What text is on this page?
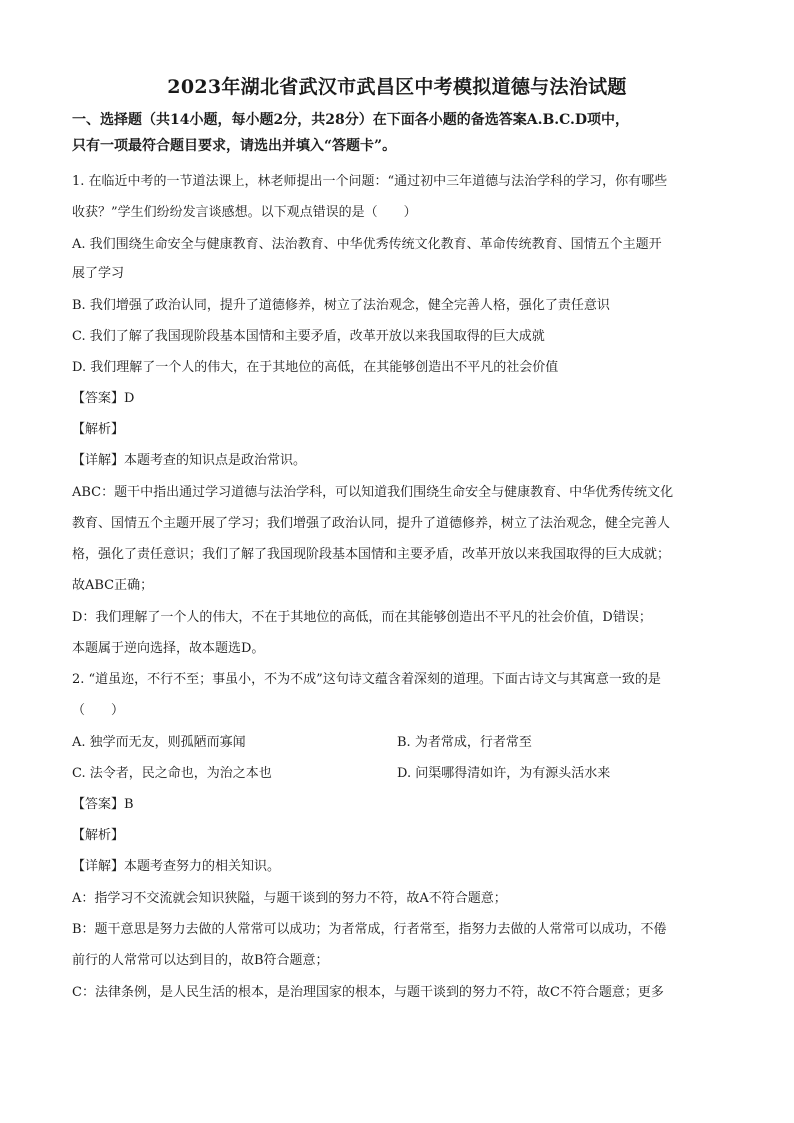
2023年湖北省武汉市武昌区中考模拟道德与法治试题
一、选择题（共14小题，每小题2分，共28分）在下面各小题的备选答案A.B.C.D项中，
只有一项最符合题目要求，请选出并填入“答题卡”。
1. 在临近中考的一节道法课上，林老师提出一个问题：“通过初中三年道德与法治学科的学习，你有哪些
收获？”学生们纷纷发言谈感想。以下观点错误的是（　　）
A. 我们围绕生命安全与健康教育、法治教育、中华优秀传统文化教育、革命传统教育、国情五个主题开
展了学习
B. 我们增强了政治认同，提升了道德修养，树立了法治观念，健全完善人格，强化了责任意识
C. 我们了解了我国现阶段基本国情和主要矛盾，改革开放以来我国取得的巨大成就
D. 我们理解了一个人的伟大，在于其地位的高低，在其能够创造出不平凡的社会价值
【答案】D
【解析】
【详解】本题考查的知识点是政治常识。
ABC：题干中指出通过学习道德与法治学科，可以知道我们围绕生命安全与健康教育、中华优秀传统文化
教育、国情五个主题开展了学习；我们增强了政治认同，提升了道德修养，树立了法治观念，健全完善人
格，强化了责任意识；我们了解了我国现阶段基本国情和主要矛盾，改革开放以来我国取得的巨大成就；
故ABC正确；
D：我们理解了一个人的伟大，不在于其地位的高低，而在其能够创造出不平凡的社会价值，D错误；
本题属于逆向选择，故本题选D。
2. “道虽迩，不行不至；事虽小，不为不成”这句诗文蕴含着深刻的道理。下面古诗文与其寓意一致的是
（　　）
A. 独学而无友，则孤陋而寡闻	B. 为者常成，行者常至
C. 法令者，民之命也，为治之本也	D. 问渠哪得清如许，为有源头活水来
【答案】B
【解析】
【详解】本题考查努力的相关知识。
A：指学习不交流就会知识狭隘，与题干谈到的努力不符，故A不符合题意；
B：题干意思是努力去做的人常常可以成功；为者常成，行者常至，指努力去做的人常常可以成功，不倦
前行的人常常可以达到目的，故B符合题意；
C：法律条例，是人民生活的根本，是治理国家的根本，与题干谈到的努力不符，故C不符合题意；更多
